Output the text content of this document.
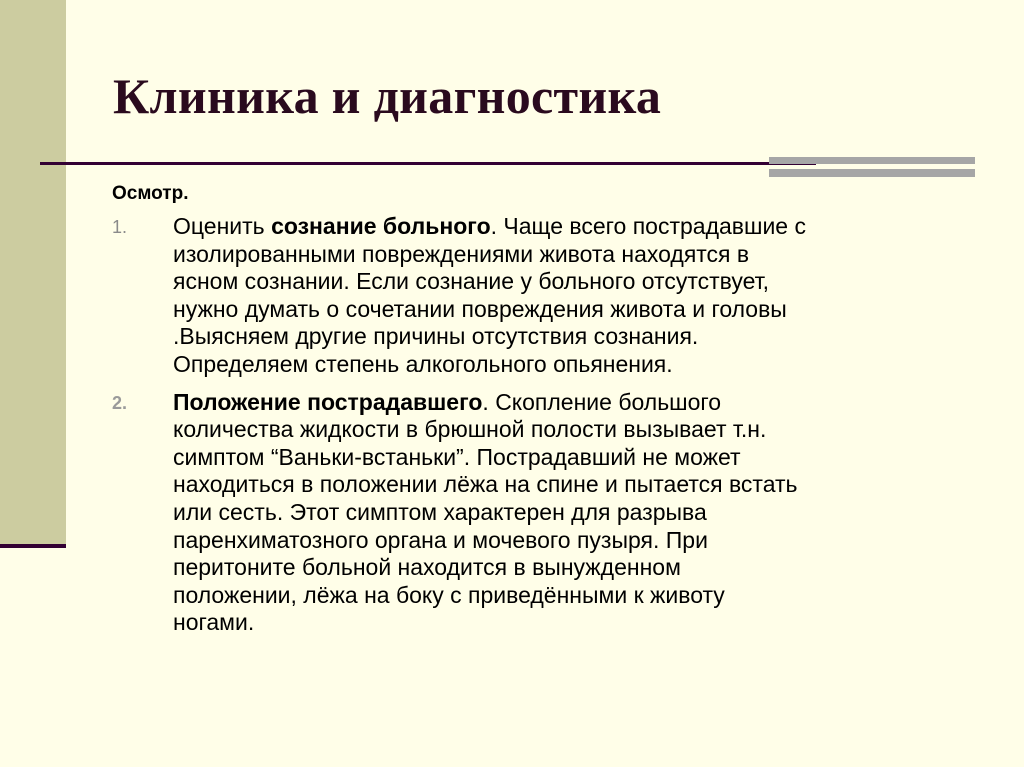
Клиника и диагностика
Осмотр.
1. Оценить сознание больного. Чаще всего пострадавшие с
изолированными повреждениями живота находятся в
ясном сознании. Если сознание у больного отсутствует,
нужно думать о сочетании повреждения живота и головы
.Выясняем другие причины отсутствия сознания.
Определяем степень алкогольного опьянения.
2. Положение пострадавшего. Скопление большого
количества жидкости в брюшной полости вызывает т.н.
симптом “Ваньки-встаньки”. Пострадавший не может
находиться в положении лёжа на спине и пытается встать
или сесть. Этот симптом характерен для разрыва
паренхиматозного органа и мочевого пузыря. При
перитоните больной находится в вынужденном
положении, лёжа на боку с приведёнными к животу
ногами.
